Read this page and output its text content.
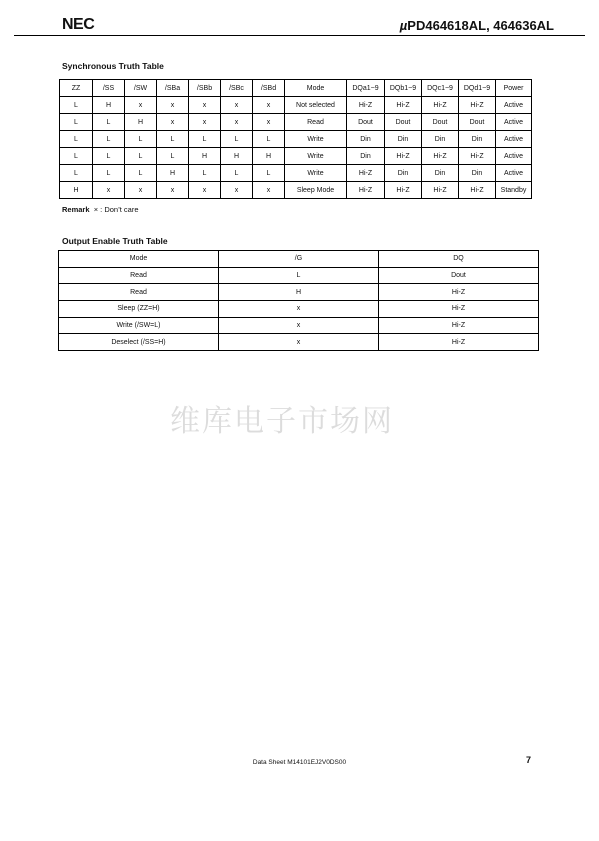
NEC	µPD464618AL, 464636AL
Synchronous Truth Table
ZZ	/SS	/SW	/SBa	/SBb	/SBc	/SBd	Mode	DQa1−9	DQb1−9	DQc1−9	DQd1−9	Power
L	H	x	x	x	x	x	Not selected	Hi-Z	Hi-Z	Hi-Z	Hi-Z	Active
L	L	H	x	x	x	x	Read	Dout	Dout	Dout	Dout	Active
L	L	L	L	L	L	L	Write	Din	Din	Din	Din	Active
L	L	L	L	H	H	H	Write	Din	Hi-Z	Hi-Z	Hi-Z	Active
L	L	L	H	L	L	L	Write	Hi-Z	Din	Din	Din	Active
H	x	x	x	x	x	x	Sleep Mode	Hi-Z	Hi-Z	Hi-Z	Hi-Z	Standby
Remark × : Don’t care
Output Enable Truth Table
Mode	/G	DQ
Read	L	Dout
Read	H	Hi-Z
Sleep (ZZ=H)	x	Hi-Z
Write (/SW=L)	x	Hi-Z
Deselect (/SS=H)	x	Hi-Z
维库电子市场网
Data Sheet M14101EJ2V0DS00	7
